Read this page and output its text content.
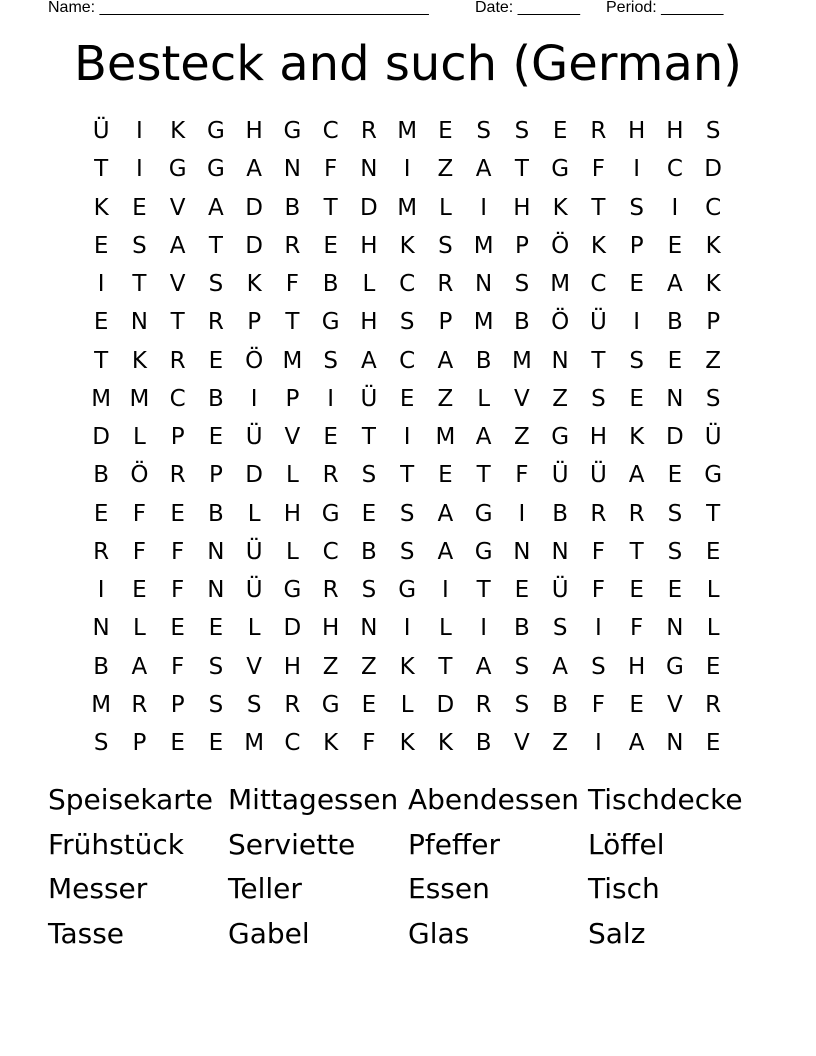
Name: _____________________________________	Date: _______ Period: _______
Besteck and such (German)
Ü	I	K G H G C R M E	S	S	E R H H S
T	I	G G A N	F	N	I	Z A	T G F	I	C D
K	E	V A D B	T D M L	I	H K	T	S	I	C
E	S	A	T D R E H K	S M P Ö K	P	E	K
I	T	V	S	K	F	B	L	C R N S M C E	A K
E N T	R	P	T G H S	P M B Ö Ü	I	B	P
T	K R E Ö M S	A C A B M N T	S	E	Z
M M C B	I	P	I	Ü E	Z	L	V Z	S	E N S
D L	P	E Ü V	E	T	I	M A Z G H K D Ü
B Ö R	P D L	R S	T	E	T	F	Ü Ü A	E G
E	F	E	B	L	H G E	S	A G	I	B R R S	T
R	F	F	N Ü	L	C B	S	A G N N	F	T	S	E
I	E	F	N Ü G R S G	I	T	E Ü	F	E	E	L
N	L	E	E	L D H N	I	L	I	B	S	I	F	N	L
B A	F	S	V H Z Z K	T	A	S	A	S H G E
M R	P	S	S R G E	L D R S	B	F	E	V R
S	P	E	E M C K	F	K	K B V Z	I	A N E
Speisekarte Mittagessen Abendessen Tischdecke
Frühstück	Serviette	Pfeffer	Löffel
Messer	Teller	Essen	Tisch
Tasse	Gabel	Glas	Salz
